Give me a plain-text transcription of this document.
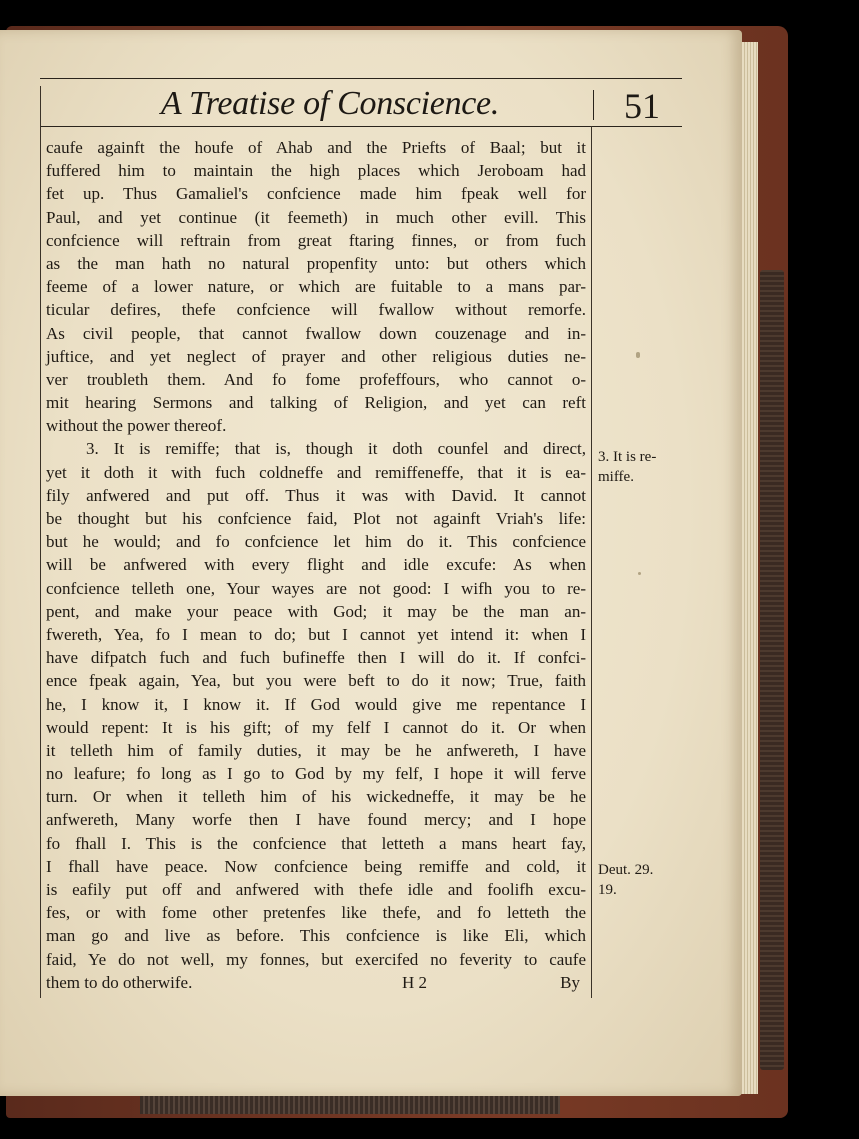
A Treatise of Conscience.	51
caufe againft the houfe of Ahab and the Priefts of Baal; but it
fuffered him to maintain the high places which Jeroboam had
fet up. Thus Gamaliel's confcience made him fpeak well for
Paul, and yet continue (it feemeth) in much other evill. This
confcience will reftrain from great ftaring finnes, or from fuch
as the man hath no natural propenfity unto: but others which
feeme of a lower nature, or which are fuitable to a mans par-
ticular defires, thefe confcience will fwallow without remorfe.
As civil people, that cannot fwallow down couzenage and in-
juftice, and yet neglect of prayer and other religious duties ne-
ver troubleth them. And fo fome profeffours, who cannot o-
mit hearing Sermons and talking of Religion, and yet can reft
without the power thereof.
3. It is remiffe; that is, though it doth counfel and direct,
yet it doth it with fuch coldneffe and remiffeneffe, that it is ea-
fily anfwered and put off. Thus it was with David. It cannot
be thought but his confcience faid, Plot not againft Vriah's life:
but he would; and fo confcience let him do it. This confcience
will be anfwered with every flight and idle excufe: As when
confcience telleth one, Your wayes are not good: I wifh you to re-
pent, and make your peace with God; it may be the man an-
fwereth, Yea, fo I mean to do; but I cannot yet intend it: when I
have difpatch fuch and fuch bufineffe then I will do it. If confci-
ence fpeak again, Yea, but you were beft to do it now; True, faith
he, I know it, I know it. If God would give me repentance I
would repent: It is his gift; of my felf I cannot do it. Or when
it telleth him of family duties, it may be he anfwereth, I have
no leafure; fo long as I go to God by my felf, I hope it will ferve
turn. Or when it telleth him of his wickedneffe, it may be he
anfwereth, Many worfe then I have found mercy; and I hope
fo fhall I. This is the confcience that letteth a mans heart fay,
I fhall have peace. Now confcience being remiffe and cold, it
is eafily put off and anfwered with thefe idle and foolifh excu-
fes, or with fome other pretenfes like thefe, and fo letteth the
man go and live as before. This confcience is like Eli, which
faid, Ye do not well, my fonnes, but exercifed no feverity to caufe
them to do otherwife.	H 2	By
3. It is re-
miffe.
Deut. 29.
19.
